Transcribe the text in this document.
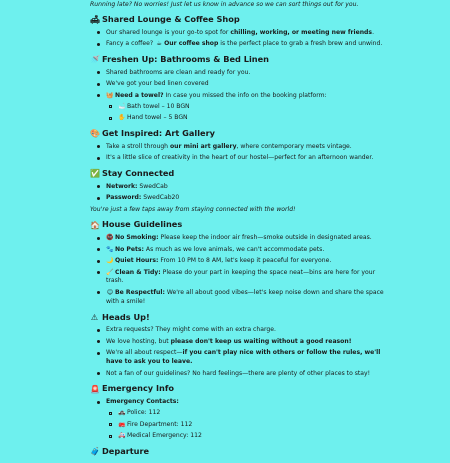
Running late? No worries! Just let us know in advance so we can sort things out for you.

🛋 Shared Lounge & Coffee Shop
Our shared lounge is your go-to spot for chilling, working, or meeting new friends.
Fancy a coffee? ☕ Our coffee shop is the perfect place to grab a fresh brew and unwind.
🚿 Freshen Up: Bathrooms & Bed Linen
Shared bathrooms are clean and ready for you.
We've got your bed linen covered
🧺Need a towel? In case you missed the info on the booking platform:
🛁Bath towel – 10 BGN
✋Hand towel – 5 BGN
🎨 Get Inspired: Art Gallery
Take a stroll through our mini art gallery, where contemporary meets vintage.
It's a little slice of creativity in the heart of our hostel—perfect for an afternoon wander.
✅ Stay Connected
Network: SwedCab
Password: SwedCab20

You're just a few taps away from staying connected with the world!

🏠 House Guidelines
🚭No Smoking: Please keep the indoor air fresh—smoke outside in designated areas.
🐾No Pets: As much as we love animals, we can't accommodate pets.
🌙Quiet Hours: From 10 PM to 8 AM, let's keep it peaceful for everyone.
🧹Clean & Tidy: Please do your part in keeping the space neat—bins are here for your trash.
😊 Be Respectful: We're all about good vibes—let's keep noise down and share the space with a smile!
⚠ Heads Up!
Extra requests? They might come with an extra charge.
We love hosting, but please don't keep us waiting without a good reason!
We're all about respect—if you can't play nice with others or follow the rules, we'll have to ask you to leave.
Not a fan of our guidelines? No hard feelings—there are plenty of other places to stay!
🚨 Emergency Info
Emergency Contacts:
🚓Police: 112
🚒Fire Department: 112
🚑Medical Emergency: 112
🧳 Departure
